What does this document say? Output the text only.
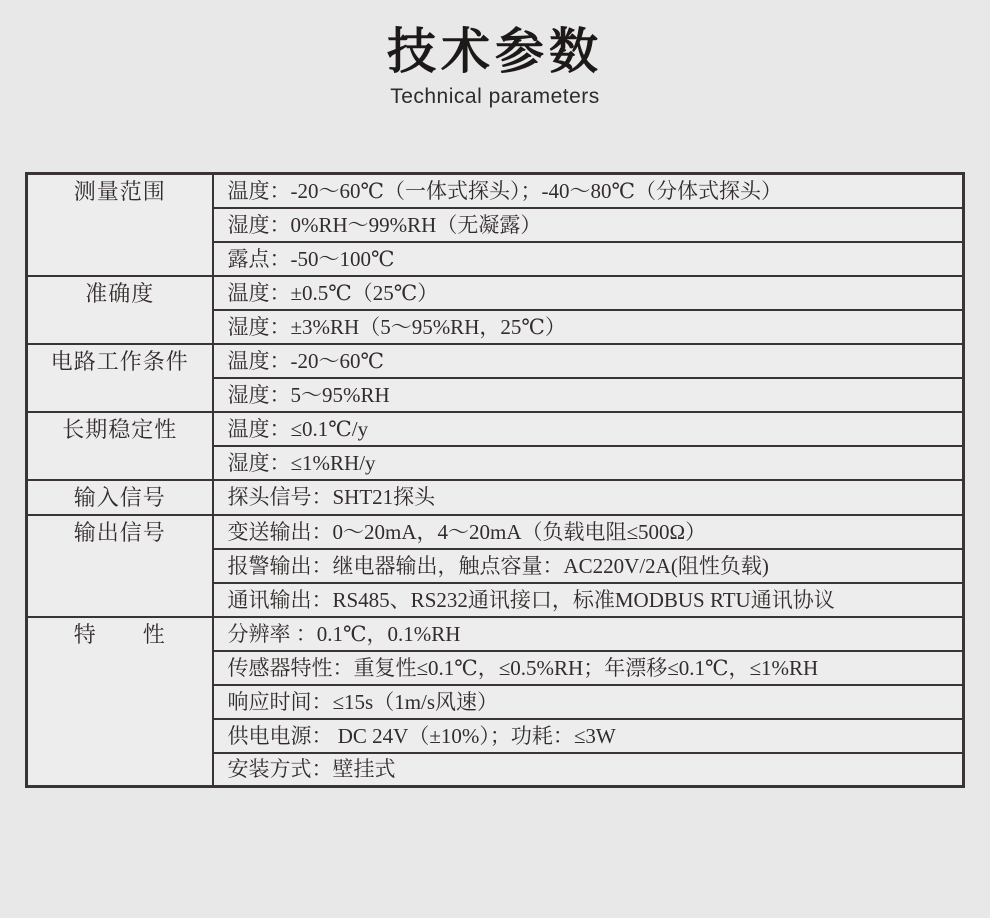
技术参数
Technical parameters
测量范围	温度：-20～60℃（一体式探头）；-40～80℃（分体式探头）
	湿度：0%RH～99%RH（无凝露）
	露点：-50～100℃
准确度	温度：±0.5℃（25℃）
	湿度：±3%RH（5～95%RH，25℃）
电路工作条件	温度：-20～60℃
	湿度：5～95%RH
长期稳定性	温度：≤0.1℃/y
	湿度：≤1%RH/y
输入信号	探头信号：SHT21探头
输出信号	变送输出：0～20mA，4～20mA（负载电阻≤500Ω）
	报警输出：继电器输出，触点容量：AC220V/2A(阻性负载)
	通讯输出：RS485、RS232通讯接口，标准MODBUS RTU通讯协议
特　　性	分辨率 ：0.1℃，0.1%RH
	传感器特性：重复性≤0.1℃，≤0.5%RH；年漂移≤0.1℃，≤1%RH
	响应时间：≤15s（1m/s风速）
	供电电源： DC 24V（±10%）；功耗：≤3W
	安装方式：壁挂式
